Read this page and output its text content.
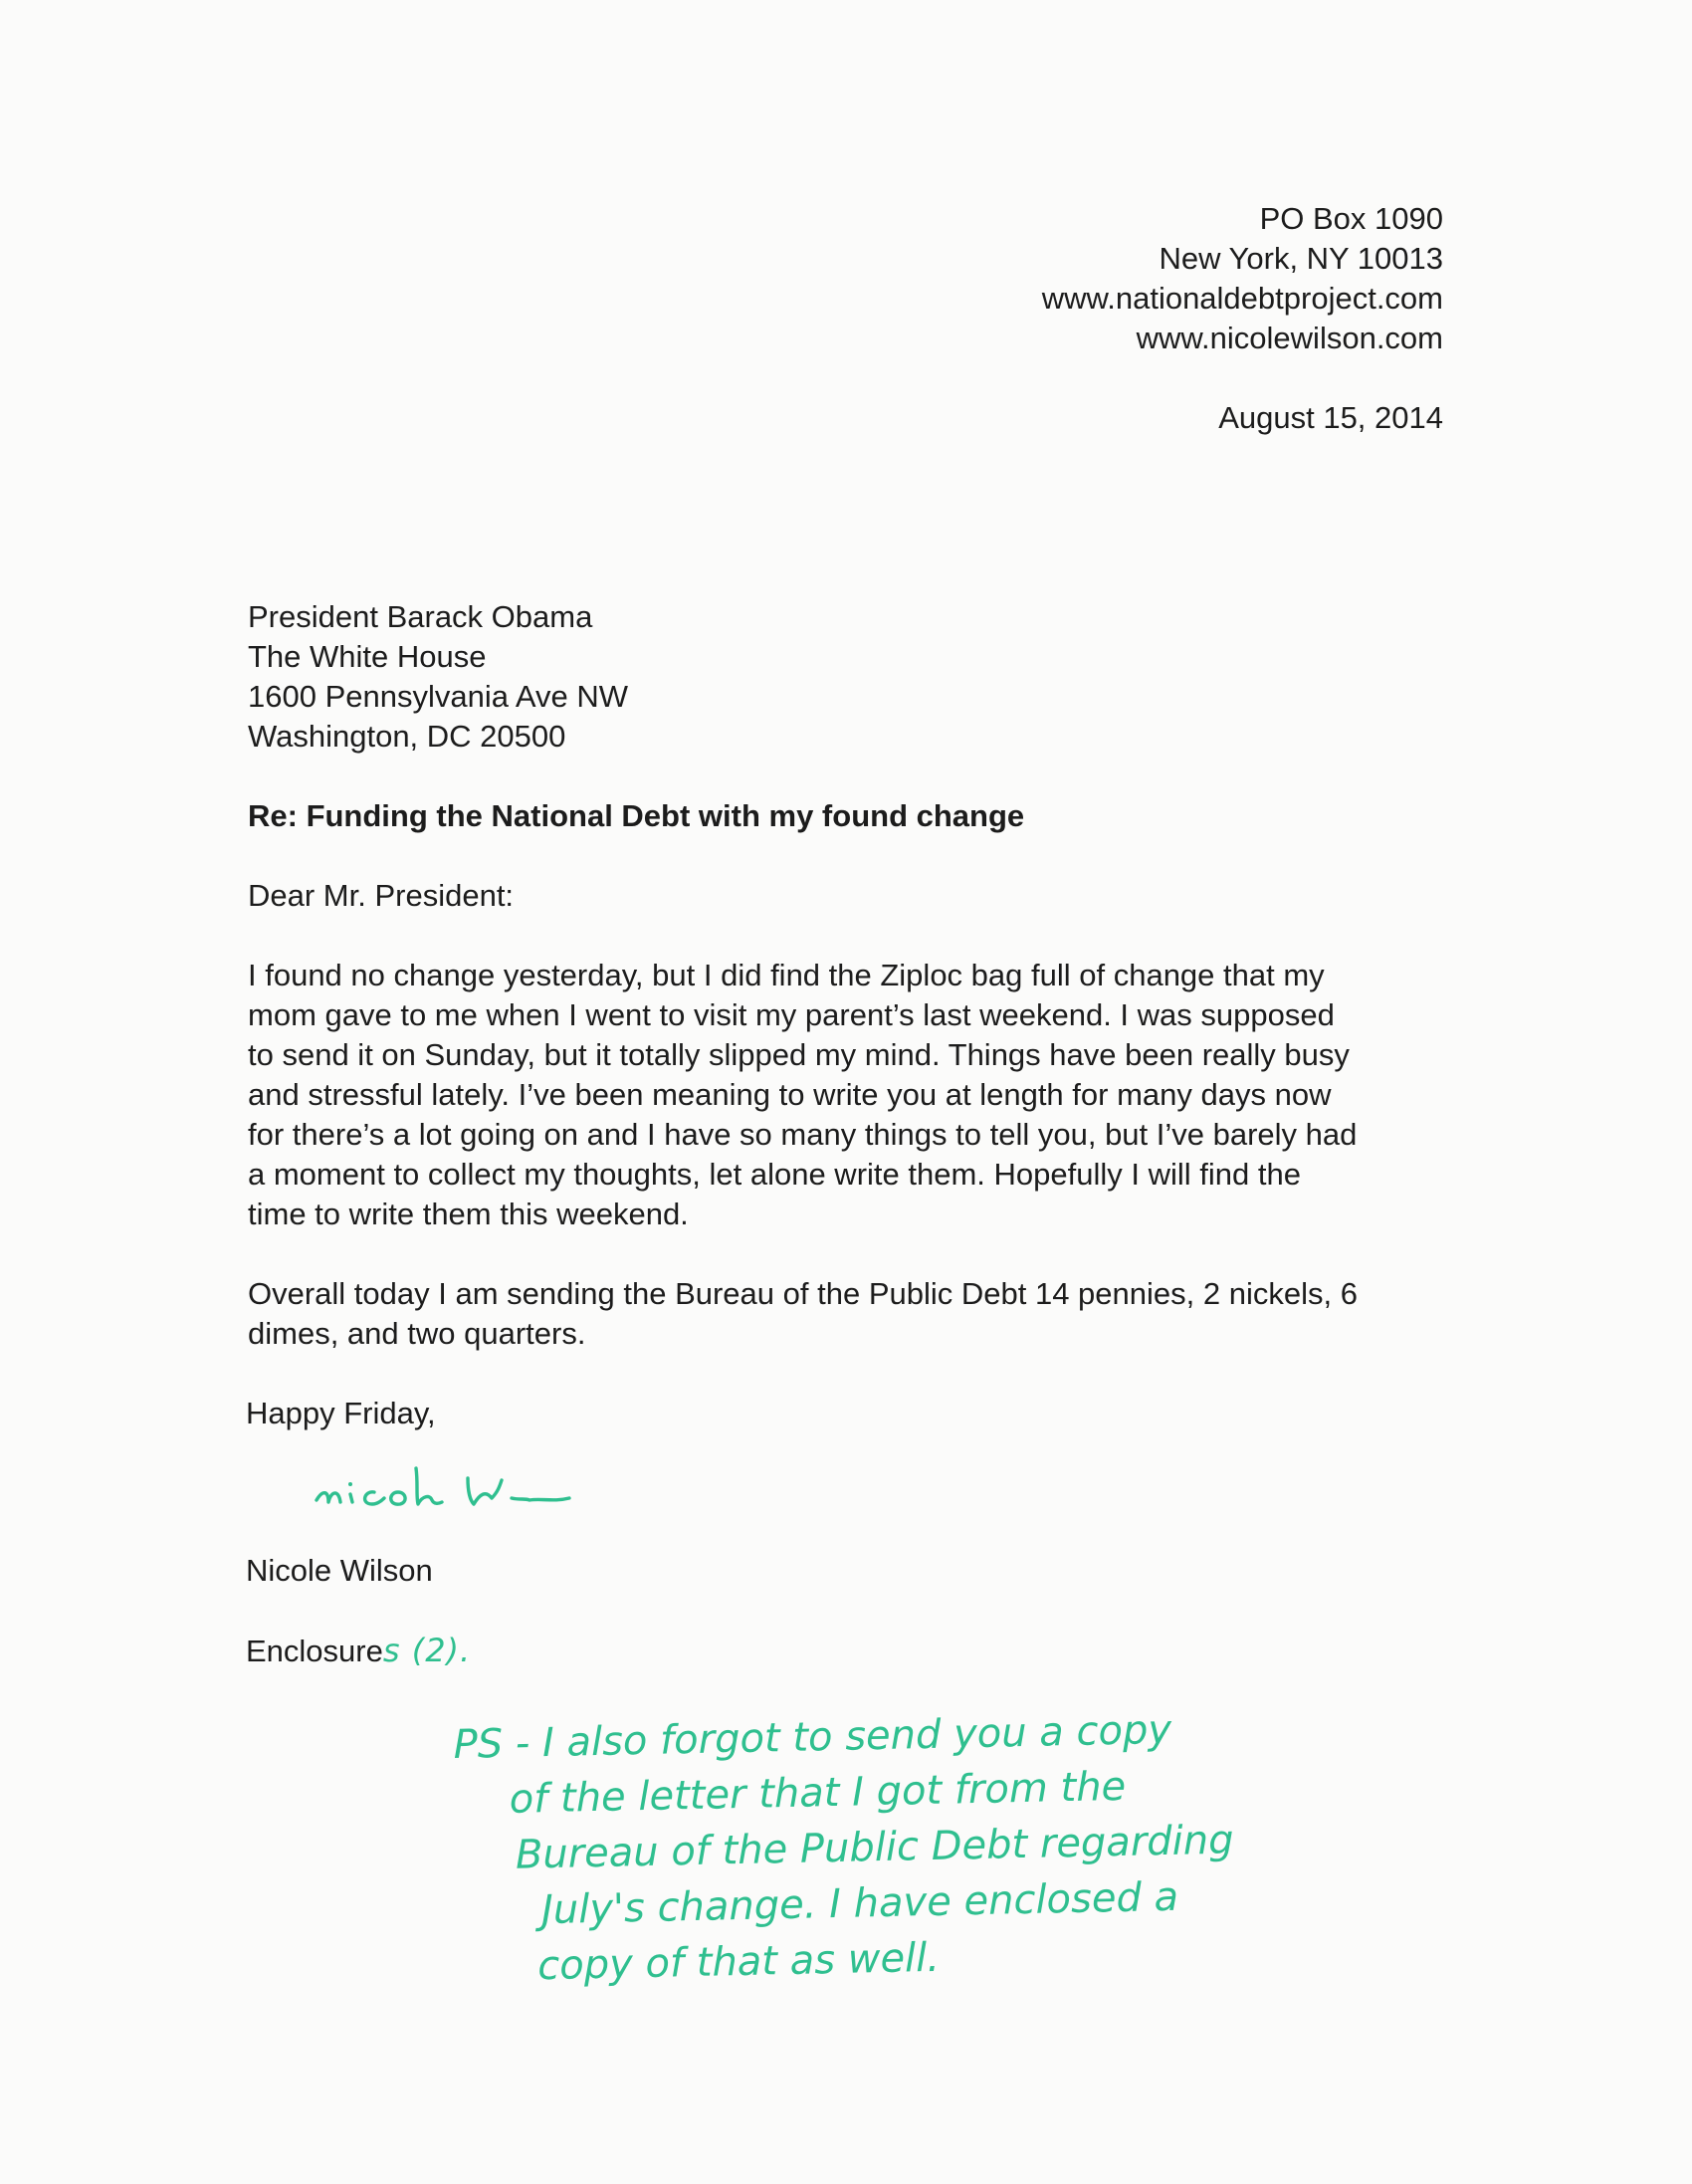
PO Box 1090
New York, NY 10013
www.nationaldebtproject.com
www.nicolewilson.com
August 15, 2014
President Barack Obama
The White House
1600 Pennsylvania Ave NW
Washington, DC 20500
Re: Funding the National Debt with my found change
Dear Mr. President:
I found no change yesterday, but I did find the Ziploc bag full of change that my
mom gave to me when I went to visit my parent’s last weekend. I was supposed
to send it on Sunday, but it totally slipped my mind. Things have been really busy
and stressful lately. I’ve been meaning to write you at length for many days now
for there’s a lot going on and I have so many things to tell you, but I’ve barely had
a moment to collect my thoughts, let alone write them. Hopefully I will find the
time to write them this weekend.
Overall today I am sending the Bureau of the Public Debt 14 pennies, 2 nickels, 6
dimes, and two quarters.
Happy Friday,
Nicole Wilson
Enclosures (2).
PS - I also forgot to send you a copy
of the letter that I got from the
Bureau of the Public Debt regarding
July's change. I have enclosed a
copy of that as well.
